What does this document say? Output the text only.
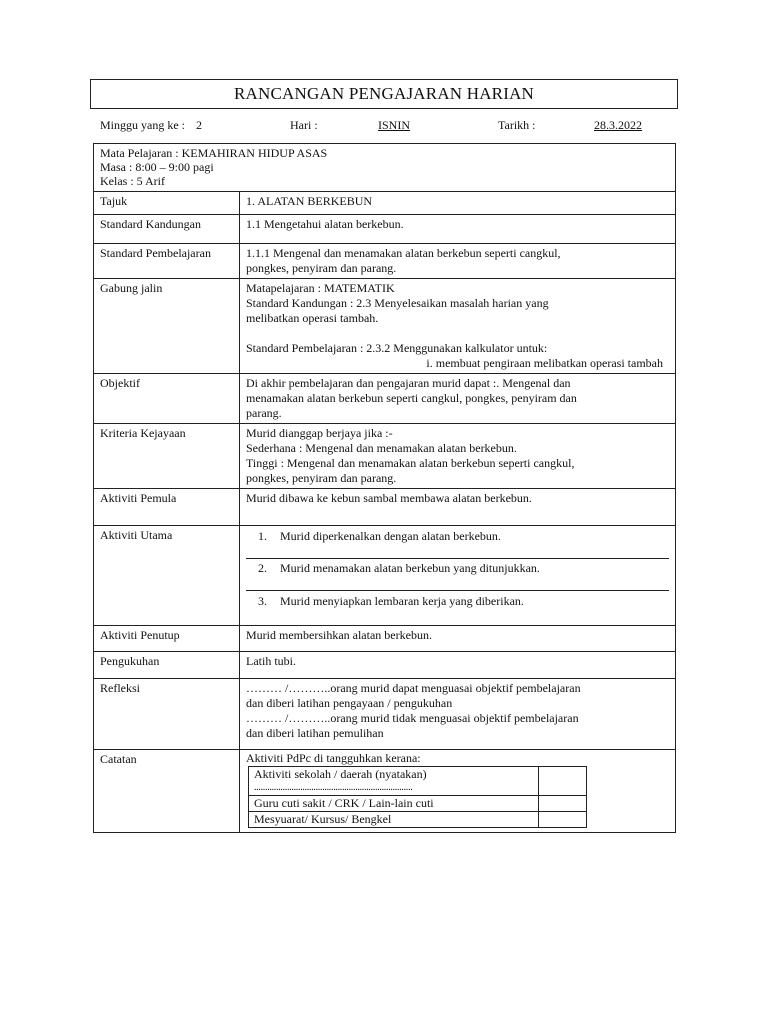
RANCANGAN PENGAJARAN HARIAN
Minggu yang ke : 2	Hari :	ISNIN	Tarikh :	28.3.2022
Mata Pelajaran : KEMAHIRAN HIDUP ASAS
Masa : 8:00 – 9:00 pagi
Kelas : 5 Arif

Tajuk	1. ALATAN BERKEBUN
Standard Kandungan	1.1 Mengetahui alatan berkebun.
Standard Pembelajaran	1.1.1 Mengenal dan menamakan alatan berkebun seperti cangkul,
pongkes, penyiram dan parang.

Gabung jalin	Matapelajaran : MATEMATIK
Standard Kandungan : 2.3 Menyelesaikan masalah harian yang
melibatkan operasi tambah.
Standard Pembelajaran : 2.3.2 Menggunakan kalkulator untuk:
i. membuat pengiraan melibatkan operasi tambah

Objektif	Di akhir pembelajaran dan pengajaran murid dapat :. Mengenal dan
menamakan alatan berkebun seperti cangkul, pongkes, penyiram dan
parang.

Kriteria Kejayaan	Murid dianggap berjaya jika :-
Sederhana : Mengenal dan menamakan alatan berkebun.
Tinggi : Mengenal dan menamakan alatan berkebun seperti cangkul,
pongkes, penyiram dan parang.

Aktiviti Pemula	Murid dibawa ke kebun sambal membawa alatan berkebun.
Aktiviti Utama	1. Murid diperkenalkan dengan alatan berkebun.
2. Murid menamakan alatan berkebun yang ditunjukkan.
3. Murid menyiapkan lembaran kerja yang diberikan.

Aktiviti Penutup	Murid membersihkan alatan berkebun.
Pengukuhan	Latih tubi.
Refleksi	……… /………..orang murid dapat menguasai objektif pembelajaran
dan diberi latihan pengayaan / pengukuhan
……… /………..orang murid tidak menguasai objektif pembelajaran
dan diberi latihan pemulihan

Catatan	Aktiviti PdPc di tangguhkan kerana:
Aktiviti sekolah / daerah (nyatakan)
........................................................................

Guru cuti sakit / CRK / Lain-lain cuti	
Mesyuarat/ Kursus/ Bengkel	
